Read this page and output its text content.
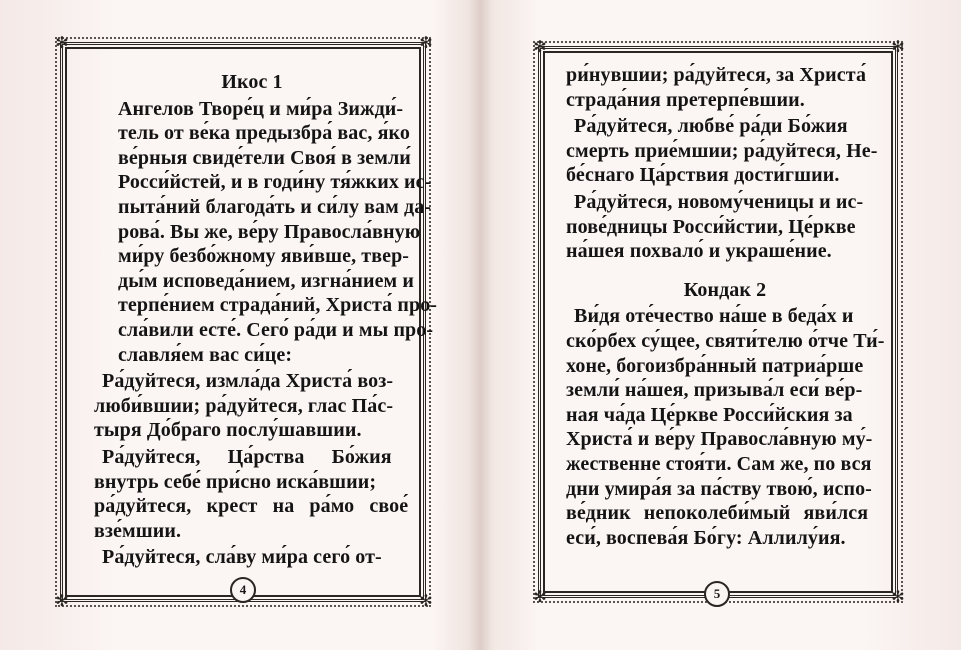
✻	✻
✻	✻
✻	✻
✻	✻
Икос 1
Ангелов Творе́ц и ми́ра Зижди́-
тель от ве́ка предызбра́ вас, я́ко
ве́рныя свиде́тели Своя́ в земли́
Росси́йстей, и в годи́ну тя́жких ис-
пыта́ний благода́ть и си́лу вам да-
рова́. Вы же, ве́ру Правосла́вную
ми́ру безбо́жному яви́вше, твер-
ды́м исповеда́нием, изгна́нием и
терпе́нием страда́ний, Христа́ про-
сла́вили есте́. Сего́ ра́ди и мы про-
славля́ем вас си́це:
Ра́дуйтеся, измла́да Христа́ воз-
люби́вшии; ра́дуйтеся, глас Па́с-
тыря До́браго послу́шавшии.
Ра́дуйтеся, Ца́рства Бо́жия
внутрь себе́ при́сно иска́вшии;
ра́дуйтеся, крест на ра́мо свое́
взе́мшии.
Ра́дуйтеся, сла́ву ми́ра сего́ от-
4
ри́нувшии; ра́дуйтеся, за Христа́
страда́ния претерпе́вшии.
Ра́дуйтеся, любве́ ра́ди Бо́жия
смерть прие́мшии; ра́дуйтеся, Не-
бе́снаго Ца́рствия дости́гшии.
Ра́дуйтеся, новому́ченицы и ис-
пове́дницы Росси́йстии, Це́ркве
на́шея похвало́ и украше́ние.
Кондак 2
Ви́дя оте́чество на́ше в беда́х и
ско́рбех су́щее, святи́телю о́тче Ти́-
хоне, богоизбра́нный патриа́рше
земли́ на́шея, призыва́л еси́ ве́р-
ная ча́да Це́ркве Росси́йския за
Христа́ и ве́ру Правосла́вную му́-
жественне стоя́ти. Сам же, по вся
дни умира́я за па́ству твою́, испо-
ве́дник непоколеби́мый яви́лся
еси́, воспева́я Бо́гу: Аллилу́ия.
5
